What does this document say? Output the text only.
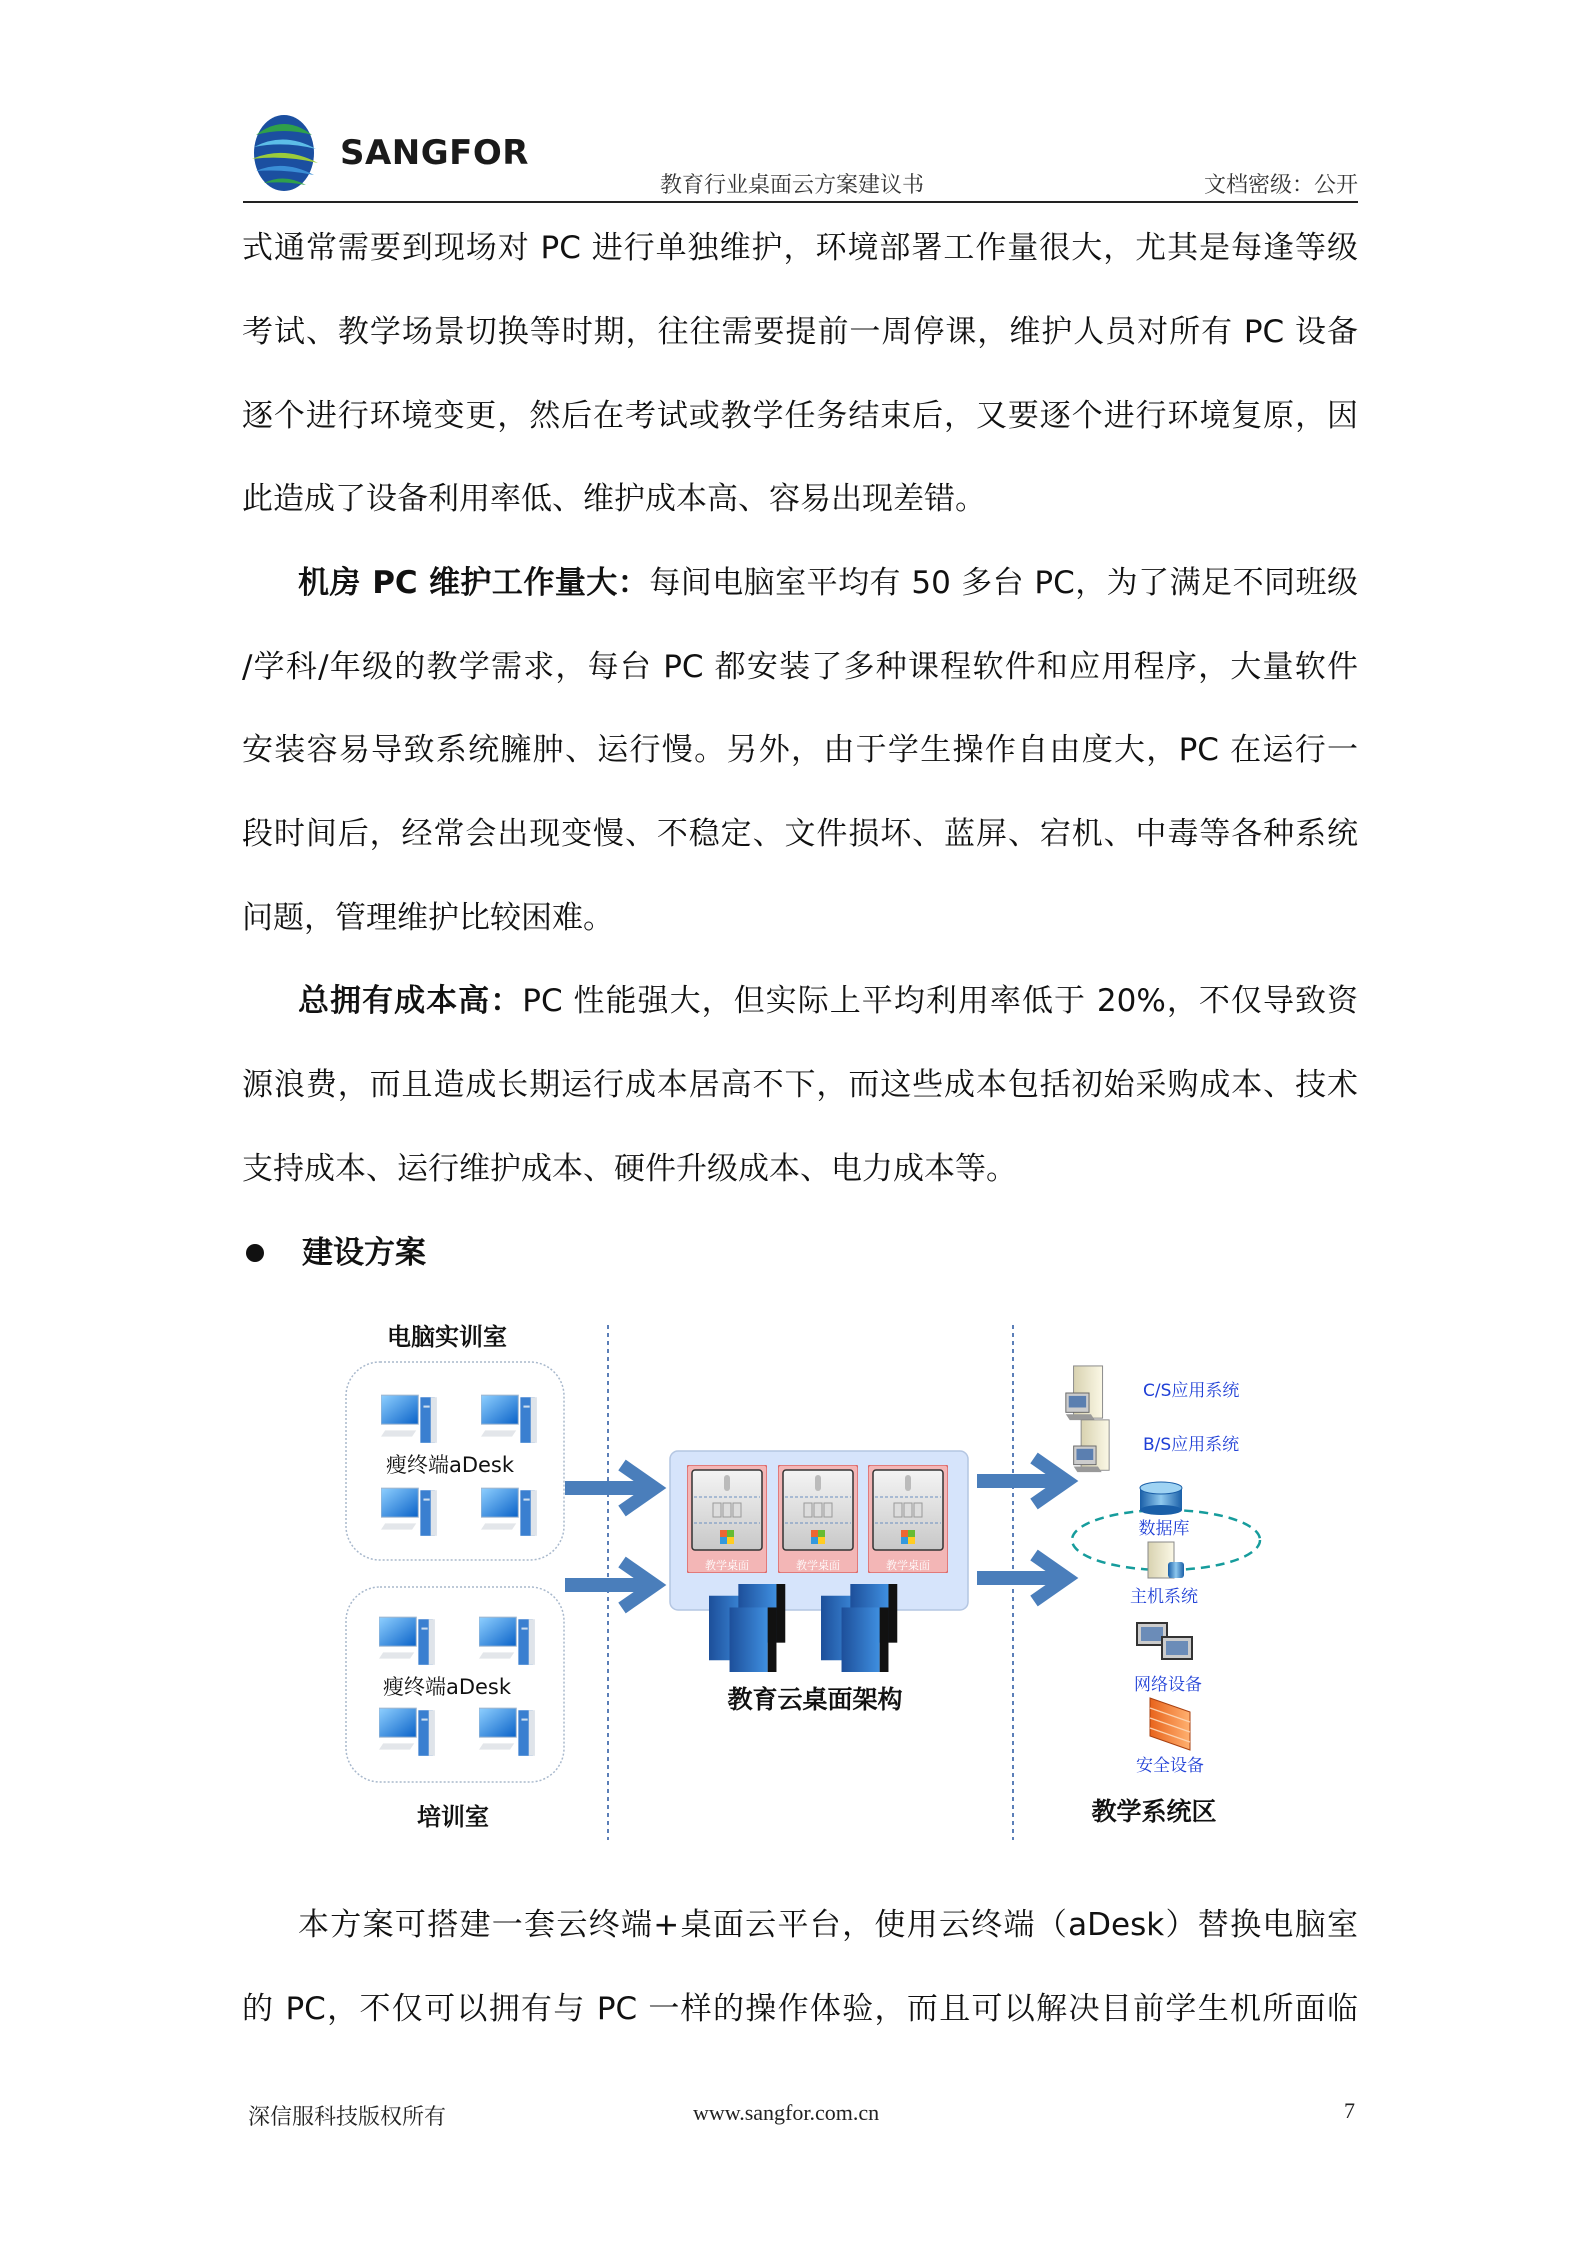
SANGFOR
教育行业桌面云方案建议书	文档密级：公开
式通常需要到现场对 PC 进行单独维护，环境部署工作量很大，尤其是每逢等级
考试、教学场景切换等时期，往往需要提前一周停课，维护人员对所有 PC 设备
逐个进行环境变更，然后在考试或教学任务结束后，又要逐个进行环境复原，因
此造成了设备利用率低、维护成本高、容易出现差错。
机房 PC 维护工作量大：每间电脑室平均有 50 多台 PC，为了满足不同班级
/学科/年级的教学需求，每台 PC 都安装了多种课程软件和应用程序，大量软件
安装容易导致系统臃肿、运行慢。另外，由于学生操作自由度大，PC 在运行一
段时间后，经常会出现变慢、不稳定、文件损坏、蓝屏、宕机、中毒等各种系统
问题，管理维护比较困难。
总拥有成本高：PC 性能强大，但实际上平均利用率低于 20%，不仅导致资
源浪费，而且造成长期运行成本居高不下，而这些成本包括初始采购成本、技术
支持成本、运行维护成本、硬件升级成本、电力成本等。
建设方案
电脑实训室
瘦终端aDesk
瘦终端aDesk
培训室
教学桌面	教学桌面	教学桌面
教育云桌面架构
C/S应用系统
B/S应用系统
数据库
主机系统
网络设备
安全设备
教学系统区
本方案可搭建一套云终端+桌面云平台，使用云终端（aDesk）替换电脑室
的 PC，不仅可以拥有与 PC 一样的操作体验，而且可以解决目前学生机所面临
深信服科技版权所有	www.sangfor.com.cn	7
